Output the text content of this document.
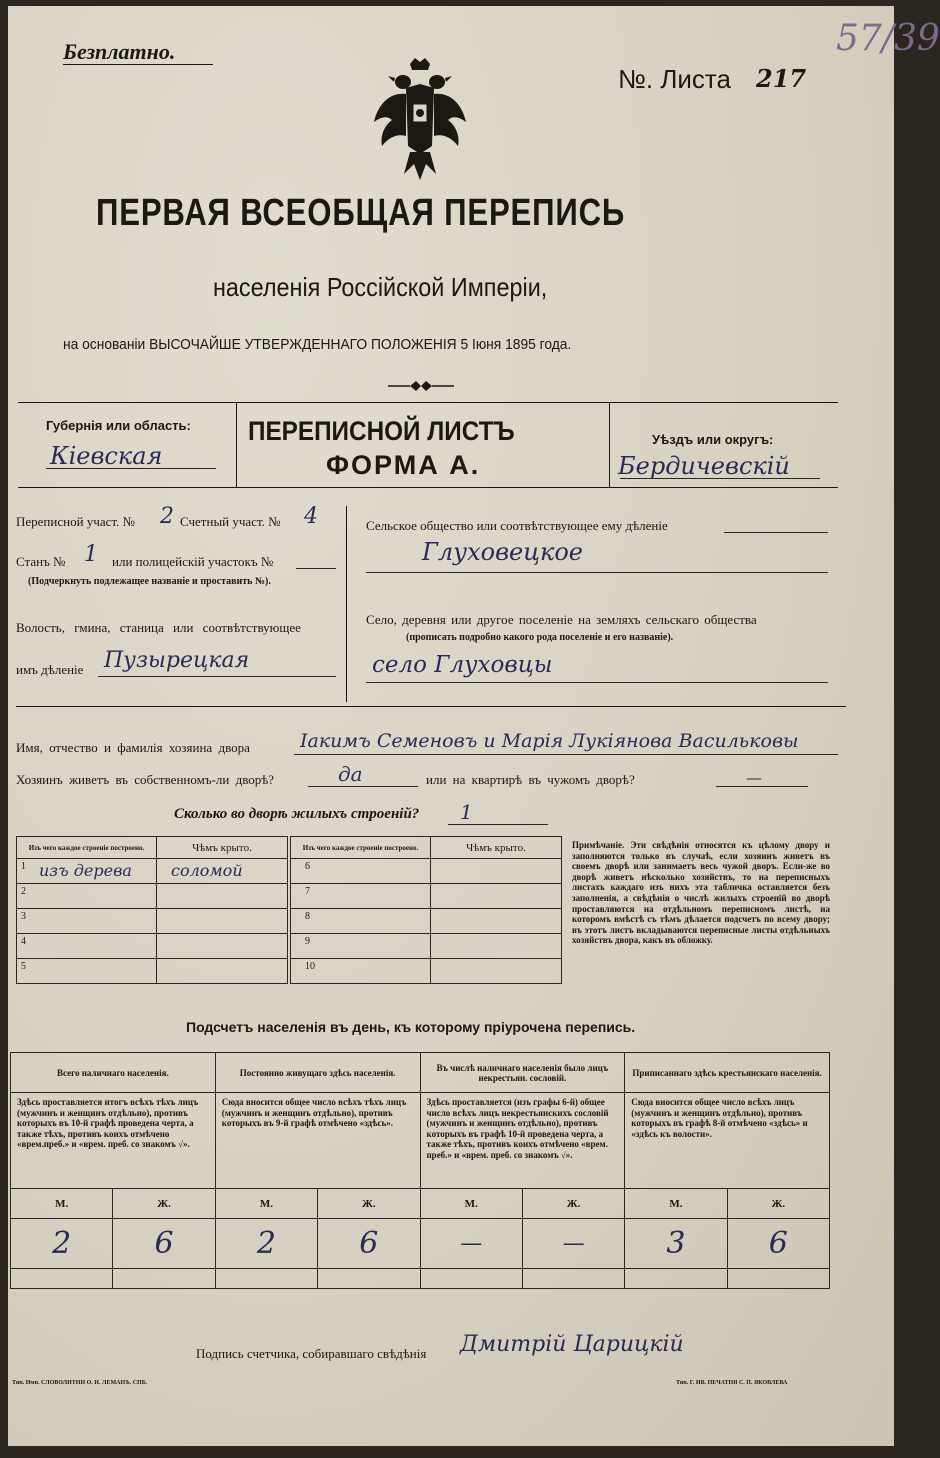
Безплатно.
№. Листа 217
57/39
ПЕРВАЯ ВСЕОБЩАЯ ПЕРЕПИСЬ
населенія Россійской Имперіи,
на основаніи ВЫСОЧАЙШЕ УТВЕРЖДЕННАГО ПОЛОЖЕНІЯ 5 Іюня 1895 года.
Губернія или область:
Кіевская
ПЕРЕПИСНОЙ ЛИСТЪ
ФОРМА А.
Уѣздъ или округъ:
Бердичевскій
Переписной участ. № 2 Счетный участ. № 4
Станъ № 1 или полицейскій участокъ №
(Подчеркнуть подлежащее названіе и проставить №).
Волость, гмина, станица или соотвѣтствующее
имъ дѣленіе Пузырецкая
Сельское общество или соотвѣтствующее ему дѣленіе
Глуховецкое
Село, деревня или другое поселеніе на земляхъ сельскаго общества
(прописать подробно какого рода поселеніе и его названіе).
село Глуховцы
Имя, отчество и фамилія хозяина двора	Іакимъ Семеновъ и Марія Лукіянова Васильковы
Хозяинъ живетъ въ собственномъ-ли дворѣ?	да	или на квартирѣ въ чужомъ дворѣ?	—
Сколько во дворѣ жилыхъ строеній? 1
Изъ чего каждое строеніе построено.	Чѣмъ крыто.

1 изъ дерева	соломой

2	

3	

4	

5	

Изъ чего каждое строеніе построено.	Чѣмъ крыто.

6	

7	

8	

9	

10	

Примѣчаніе. Эти свѣдѣнія относятся къ цѣлому двору и заполняются только въ случаѣ, если хозяинъ живетъ въ своемъ дворѣ или занимаетъ весь чужой дворъ. Если-же во дворѣ живетъ нѣсколько хозяйствъ, то на переписныхъ листахъ каждаго изъ нихъ эта табличка оставляется безъ заполненія, а свѣдѣнія о числѣ жилыхъ строеній во дворѣ проставляются на отдѣльномъ переписномъ листѣ, на которомъ вмѣстѣ съ тѣмъ дѣлается подсчетъ по всему двору; въ этотъ листъ вкладываются переписные листы отдѣльныхъ хозяйствъ двора, какъ въ обложку.
Подсчетъ населенія въ день, къ которому пріурочена перепись.
Всего наличнаго населенія.		Постоянно живущаго здѣсь населенія.		Въ числѣ наличнаго населенія было лицъ некрестьян. сословій.		Приписаннаго здѣсь крестьянскаго населенія.	
Здѣсь проставляется итогъ всѣхъ тѣхъ лицъ (мужчинъ и женщинъ отдѣльно), противъ которыхъ въ 10-й графѣ проведена черта, а также тѣхъ, противъ коихъ отмѣчено «врем.преб.» и «врем. преб. со знакомъ √».		Сюда вносится общее число всѣхъ тѣхъ лицъ (мужчинъ и женщинъ отдѣльно), противъ которыхъ въ 9-й графѣ отмѣчено «здѣсь».		Здѣсь проставляется (изъ графы 6-й) общее число всѣхъ лицъ некрестьянскихъ сословій (мужчинъ и женщинъ отдѣльно), противъ которыхъ въ графѣ 10-й проведена черта, а также тѣхъ, противъ коихъ отмѣчено «врем. преб.» и «врем. преб. со знакомъ √».		Сюда вносится общее число всѣхъ лицъ (мужчинъ и женщинъ отдѣльно), противъ которыхъ въ графѣ 8-й отмѣчено «здѣсь» и «здѣсь къ волости».	
М.	Ж.	М.	Ж.	М.	Ж.	М.	Ж.
2	6	2	6	—	—	3	6

Подпись счетчика, собиравшаго свѣдѣнія Дмитрій Царицкій
Тип. Имп. СЛОВОЛИТНИ О. И. ЛЕМАНЪ. СПБ.	Тип. Г. ИВ. ПЕЧАТНЯ С. П. ЯКОВЛЕВА
